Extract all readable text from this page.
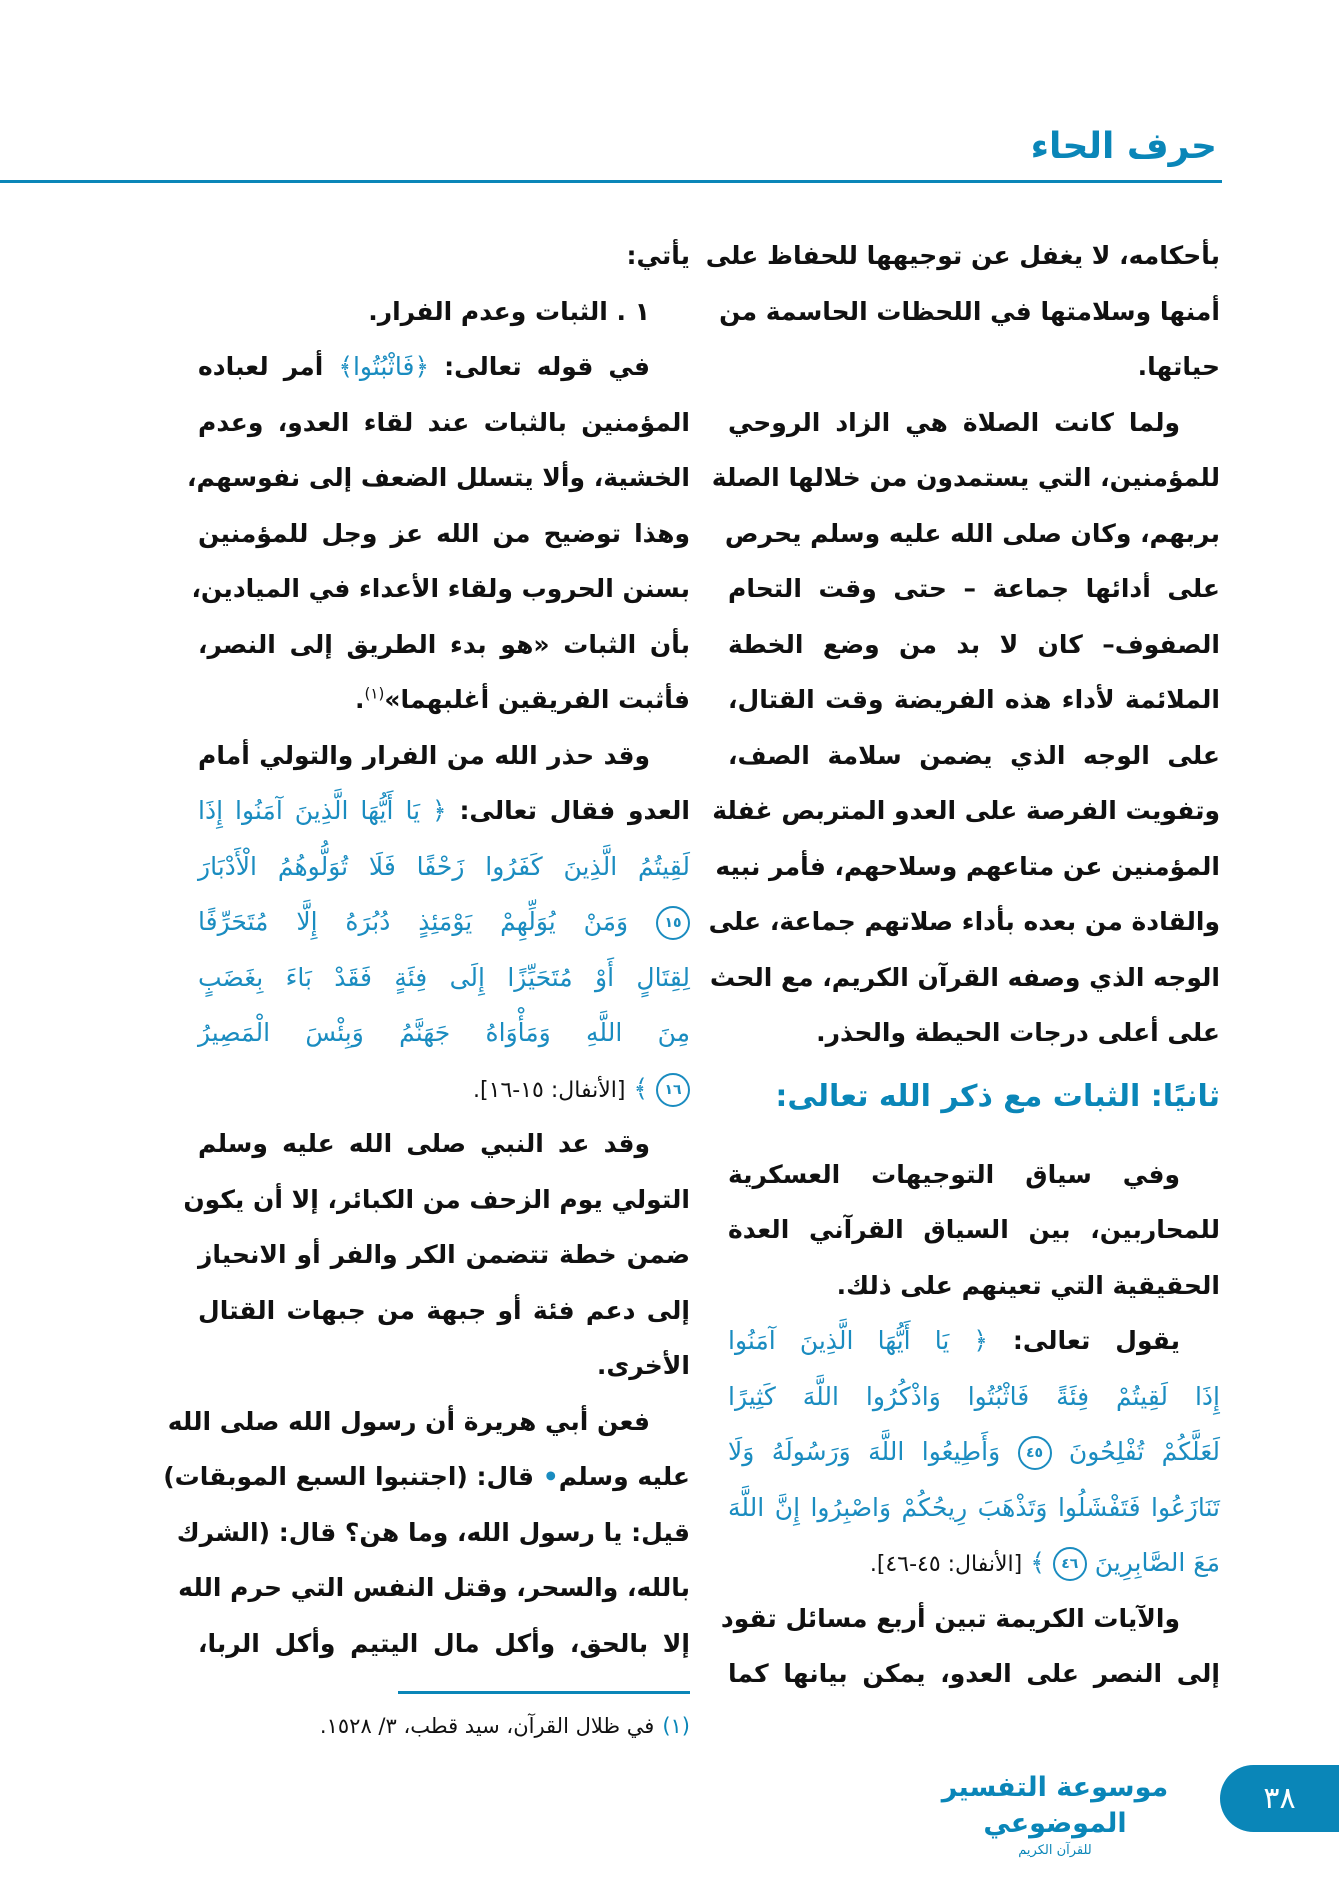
حرف الحاء
بأحكامه، لا يغفل عن توجيهها للحفاظ على
أمنها وسلامتها في اللحظات الحاسمة من
حياتها.
ولما كانت الصلاة هي الزاد الروحي
للمؤمنين، التي يستمدون من خلالها الصلة
بربهم، وكان صلى الله عليه وسلم يحرص
على أدائها جماعة – حتى وقت التحام
الصفوف– كان لا بد من وضع الخطة
الملائمة لأداء هذه الفريضة وقت القتال،
على الوجه الذي يضمن سلامة الصف،
وتفويت الفرصة على العدو المتربص غفلة
المؤمنين عن متاعهم وسلاحهم، فأمر نبيه
والقادة من بعده بأداء صلاتهم جماعة، على
الوجه الذي وصفه القرآن الكريم، مع الحث
على أعلى درجات الحيطة والحذر.
ثانيًا: الثبات مع ذكر الله تعالى:
وفي سياق التوجيهات العسكرية
للمحاربين، بين السياق القرآني العدة
الحقيقية التي تعينهم على ذلك.
يقول تعالى: ﴿ يَا أَيُّهَا الَّذِينَ آمَنُوا
إِذَا لَقِيتُمْ فِئَةً فَاثْبُتُوا وَاذْكُرُوا اللَّهَ كَثِيرًا
لَعَلَّكُمْ تُفْلِحُونَ ٤٥ وَأَطِيعُوا اللَّهَ وَرَسُولَهُ وَلَا
تَنَازَعُوا فَتَفْشَلُوا وَتَذْهَبَ رِيحُكُمْ وَاصْبِرُوا إِنَّ اللَّهَ
مَعَ الصَّابِرِينَ ٤٦ ﴾ [الأنفال: ٤٥-٤٦].
والآيات الكريمة تبين أربع مسائل تقود
إلى النصر على العدو، يمكن بيانها كما
يأتي:
١ . الثبات وعدم الفرار.
في قوله تعالى: ﴿فَاثْبُتُوا﴾ أمر لعباده
المؤمنين بالثبات عند لقاء العدو، وعدم
الخشية، وألا يتسلل الضعف إلى نفوسهم،
وهذا توضيح من الله عز وجل للمؤمنين
بسنن الحروب ولقاء الأعداء في الميادين،
بأن الثبات «هو بدء الطريق إلى النصر،
فأثبت الفريقين أغلبهما»$^{(١)}$.
وقد حذر الله من الفرار والتولي أمام
العدو فقال تعالى: ﴿ يَا أَيُّهَا الَّذِينَ آمَنُوا إِذَا
لَقِيتُمُ الَّذِينَ كَفَرُوا زَحْفًا فَلَا تُوَلُّوهُمُ الْأَدْبَارَ
١٥ وَمَنْ يُوَلِّهِمْ يَوْمَئِذٍ دُبُرَهُ إِلَّا مُتَحَرِّفًا
لِقِتَالٍ أَوْ مُتَحَيِّزًا إِلَى فِئَةٍ فَقَدْ بَاءَ بِغَضَبٍ
مِنَ اللَّهِ وَمَأْوَاهُ جَهَنَّمُ وَبِئْسَ الْمَصِيرُ
١٦ ﴾ [الأنفال: ١٥-١٦].
وقد عد النبي صلى الله عليه وسلم
التولي يوم الزحف من الكبائر، إلا أن يكون
ضمن خطة تتضمن الكر والفر أو الانحياز
إلى دعم فئة أو جبهة من جبهات القتال
الأخرى.
فعن أبي هريرة أن رسول الله صلى الله
عليه وسلم• قال: (اجتنبوا السبع الموبقات)
قيل: يا رسول الله، وما هن؟ قال: (الشرك
بالله، والسحر، وقتل النفس التي حرم الله
إلا بالحق، وأكل مال اليتيم وأكل الربا،
(١)في ظلال القرآن، سيد قطب، ٣/ ١٥٢٨.
موسوعة التفسير الموضوعي
للقرآن الكريم
٣٨
